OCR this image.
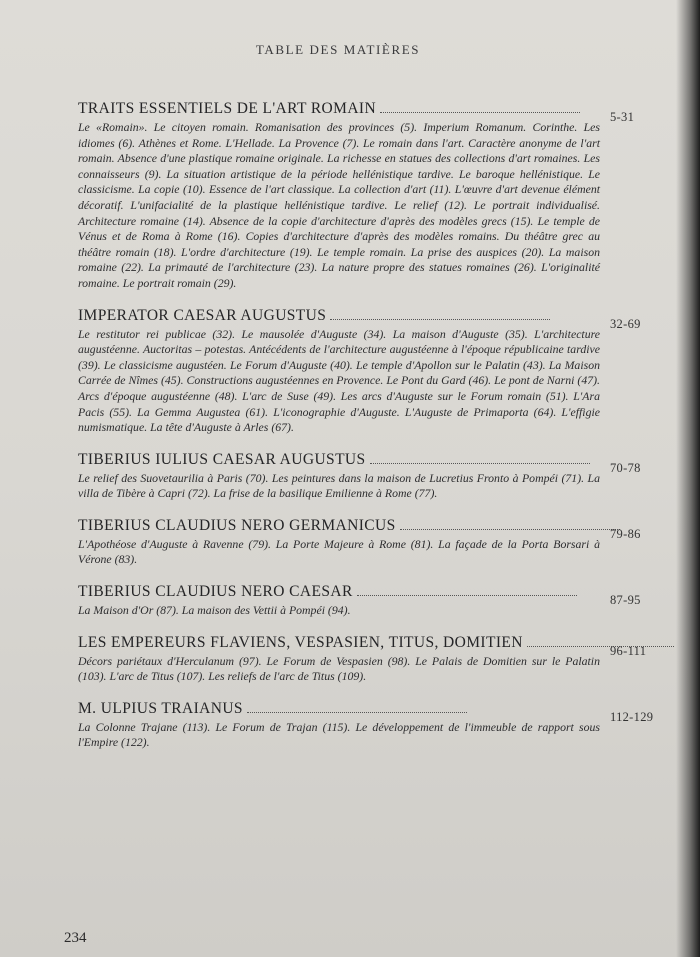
TABLE DES MATIÈRES
TRAITS ESSENTIELS DE L'ART ROMAIN	5-31
Le «Romain». Le citoyen romain. Romanisation des provinces (5). Imperium Romanum. Corinthe. Les idiomes (6). Athènes et Rome. L'Hellade. La Provence (7). Le romain dans l'art. Caractère anonyme de l'art romain. Absence d'une plastique romaine originale. La richesse en statues des collections d'art romaines. Les connaisseurs (9). La situation artistique de la période hellénistique tardive. Le baroque hellénistique. Le classicisme. La copie (10). Essence de l'art classique. La collection d'art (11). L'œuvre d'art devenue élément décoratif. L'unifacialité de la plastique hellénistique tardive. Le relief (12). Le portrait individualisé. Architecture romaine (14). Absence de la copie d'architecture d'après des modèles grecs (15). Le temple de Vénus et de Roma à Rome (16). Copies d'architecture d'après des modèles romains. Du théâtre grec au théâtre romain (18). L'ordre d'architecture (19). Le temple romain. La prise des auspices (20). La maison romaine (22). La primauté de l'architecture (23). La nature propre des statues romaines (26). L'originalité romaine. Le portrait romain (29).
IMPERATOR CAESAR AUGUSTUS	32-69
Le restitutor rei publicae (32). Le mausolée d'Auguste (34). La maison d'Auguste (35). L'architecture augustéenne. Auctoritas – potestas. Antécédents de l'architecture augustéenne à l'époque républicaine tardive (39). Le classicisme augustéen. Le Forum d'Auguste (40). Le temple d'Apollon sur le Palatin (43). La Maison Carrée de Nîmes (45). Constructions augustéennes en Provence. Le Pont du Gard (46). Le pont de Narni (47). Arcs d'époque augustéenne (48). L'arc de Suse (49). Les arcs d'Auguste sur le Forum romain (51). L'Ara Pacis (55). La Gemma Augustea (61). L'iconographie d'Auguste. L'Auguste de Primaporta (64). L'effigie numismatique. La tête d'Auguste à Arles (67).
TIBERIUS IULIUS CAESAR AUGUSTUS	70-78
Le relief des Suovetaurilia à Paris (70). Les peintures dans la maison de Lucretius Fronto à Pompéi (71). La villa de Tibère à Capri (72). La frise de la basilique Emilienne à Rome (77).
TIBERIUS CLAUDIUS NERO GERMANICUS	79-86
L'Apothéose d'Auguste à Ravenne (79). La Porte Majeure à Rome (81). La façade de la Porta Borsari à Vérone (83).
TIBERIUS CLAUDIUS NERO CAESAR	87-95
La Maison d'Or (87). La maison des Vettii à Pompéi (94).
LES EMPEREURS FLAVIENS, VESPASIEN, TITUS, DOMITIEN	96-111
Décors pariétaux d'Herculanum (97). Le Forum de Vespasien (98). Le Palais de Domitien sur le Palatin (103). L'arc de Titus (107). Les reliefs de l'arc de Titus (109).
M. ULPIUS TRAIANUS	112-129
La Colonne Trajane (113). Le Forum de Trajan (115). Le développement de l'immeuble de rapport sous l'Empire (122).
234
